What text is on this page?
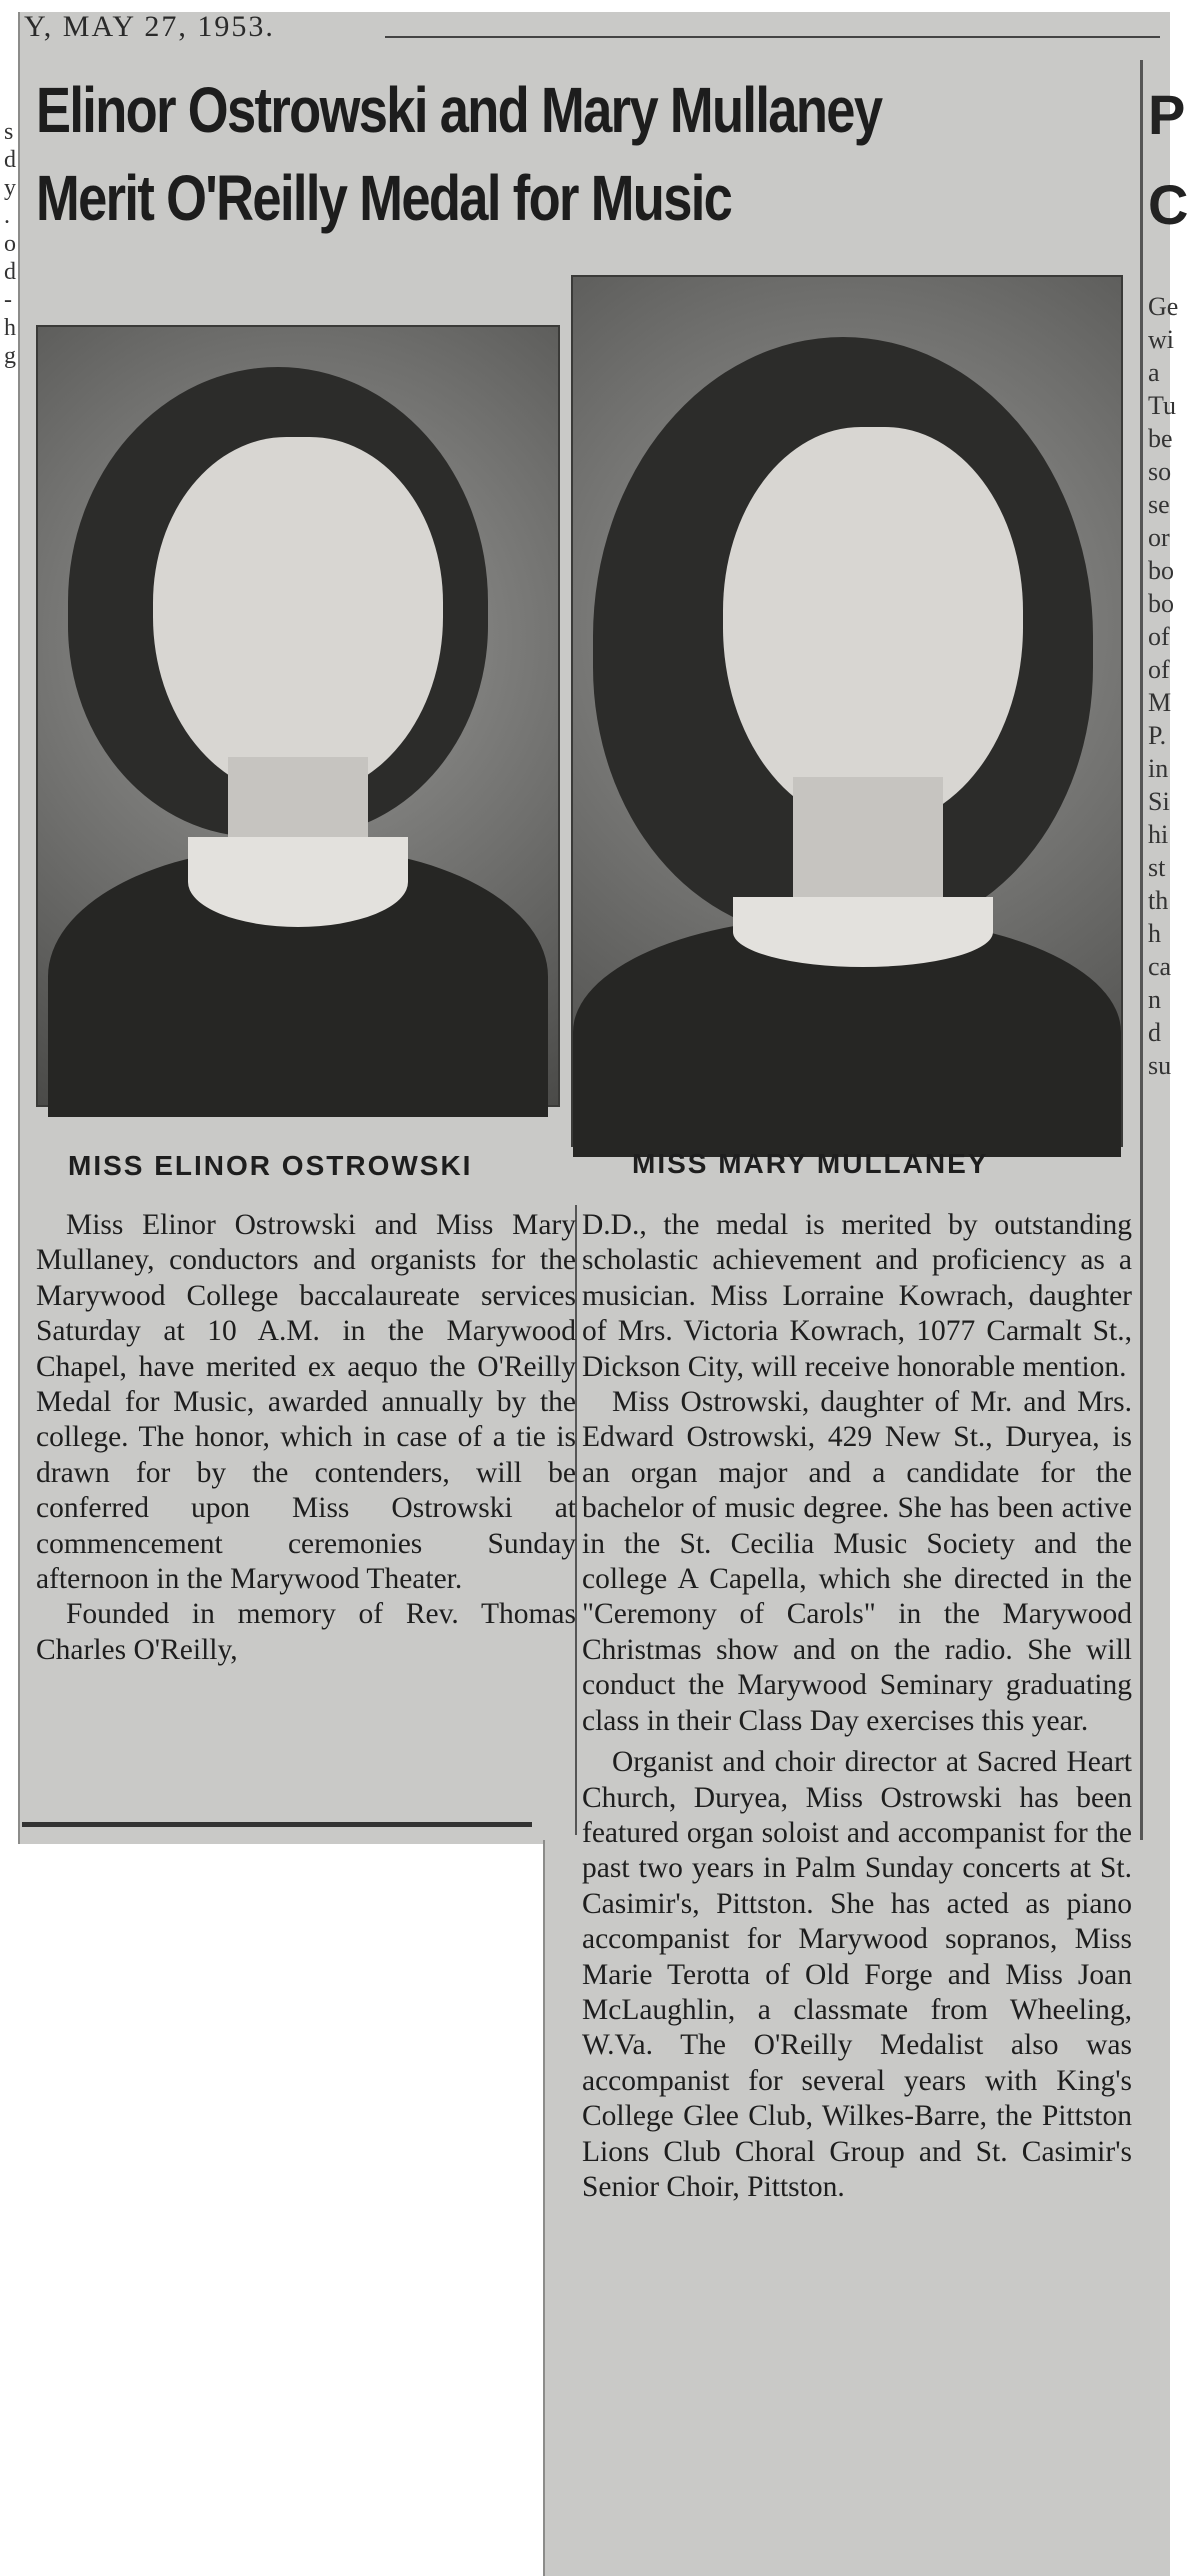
Y, MAY 27, 1953.
Elinor Ostrowski and Mary Mullaney
Merit O'Reilly Medal for Music
P C
Ge wi a Tu be so se or bo bo of of M P. in Si hi st th h ca n d su
s d y . o d - h g
MISS ELINOR OSTROWSKI	MISS MARY MULLANEY

Miss Elinor Ostrowski and Miss Mary Mullaney, conductors and organists for the Marywood College baccalaureate services Saturday at 10 A.M. in the Marywood Chapel, have merited ex aequo the O'Reilly Medal for Music, awarded annually by the college. The honor, which in case of a tie is drawn for by the contenders, will be conferred upon Miss Ostrowski at commencement ceremonies Sunday afternoon in the Marywood Theater.

Founded in memory of Rev. Thomas Charles O'Reilly,

D.D., the medal is merited by outstanding scholastic achievement and proficiency as a musician. Miss Lorraine Kowrach, daughter of Mrs. Victoria Kowrach, 1077 Carmalt St., Dickson City, will receive honorable mention.

Miss Ostrowski, daughter of Mr. and Mrs. Edward Ostrowski, 429 New St., Duryea, is an organ major and a candidate for the bachelor of music degree. She has been active in the St. Cecilia Music Society and the college A Capella, which she directed in the "Ceremony of Carols" in the Marywood Christmas show and on the radio. She will conduct the Marywood Seminary graduating class in their Class Day exercises this year.

Organist and choir director at Sacred Heart Church, Duryea, Miss Ostrowski has been featured organ soloist and accompanist for the past two years in Palm Sunday concerts at St. Casimir's, Pittston. She has acted as piano accompanist for Marywood sopranos, Miss Marie Terotta of Old Forge and Miss Joan McLaughlin, a classmate from Wheeling, W.Va. The O'Reilly Medalist also was accompanist for several years with King's College Glee Club, Wilkes-Barre, the Pittston Lions Club Choral Group and St. Casimir's Senior Choir, Pittston.
